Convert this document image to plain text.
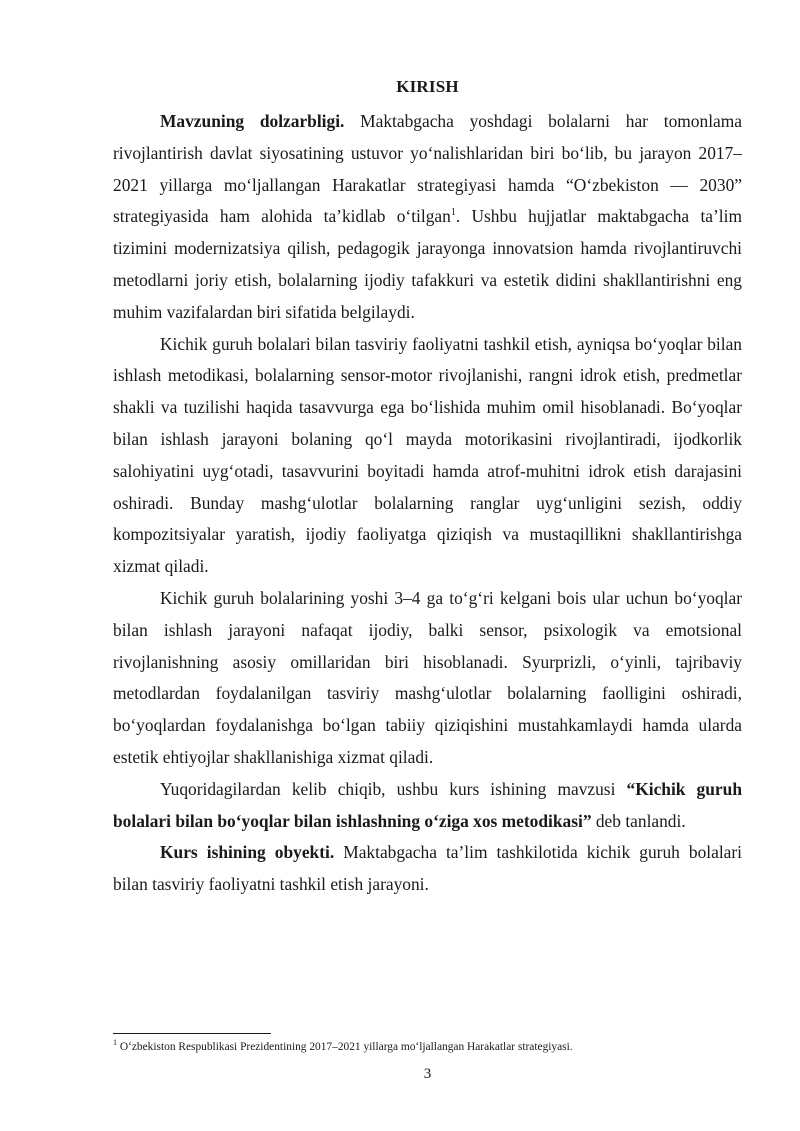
KIRISH

Mavzuning dolzarbligi. Maktabgacha yoshdagi bolalarni har tomonlama rivojlantirish davlat siyosatining ustuvor yo‘nalishlaridan biri bo‘lib, bu jarayon 2017–2021 yillarga mo‘ljallangan Harakatlar strategiyasi hamda “O‘zbekiston — 2030” strategiyasida ham alohida ta’kidlab o‘tilgan$^1$. Ushbu hujjatlar maktabgacha ta’lim tizimini modernizatsiya qilish, pedagogik jarayonga innovatsion hamda rivojlantiruvchi metodlarni joriy etish, bolalarning ijodiy tafakkuri va estetik didini shakllantirishni eng muhim vazifalardan biri sifatida belgilaydi.

Kichik guruh bolalari bilan tasviriy faoliyatni tashkil etish, ayniqsa bo‘yoqlar bilan ishlash metodikasi, bolalarning sensor-motor rivojlanishi, rangni idrok etish, predmetlar shakli va tuzilishi haqida tasavvurga ega bo‘lishida muhim omil hisoblanadi. Bo‘yoqlar bilan ishlash jarayoni bolaning qo‘l mayda motorikasini rivojlantiradi, ijodkorlik salohiyatini uyg‘otadi, tasavvurini boyitadi hamda atrof-muhitni idrok etish darajasini oshiradi. Bunday mashg‘ulotlar bolalarning ranglar uyg‘unligini sezish, oddiy kompozitsiyalar yaratish, ijodiy faoliyatga qiziqish va mustaqillikni shakllantirishga xizmat qiladi.

Kichik guruh bolalarining yoshi 3–4 ga to‘g‘ri kelgani bois ular uchun bo‘yoqlar bilan ishlash jarayoni nafaqat ijodiy, balki sensor, psixologik va emotsional rivojlanishning asosiy omillaridan biri hisoblanadi. Syurprizli, o‘yinli, tajribaviy metodlardan foydalanilgan tasviriy mashg‘ulotlar bolalarning faolligini oshiradi, bo‘yoqlardan foydalanishga bo‘lgan tabiiy qiziqishini mustahkamlaydi hamda ularda estetik ehtiyojlar shakllanishiga xizmat qiladi.

Yuqoridagilardan kelib chiqib, ushbu kurs ishining mavzusi “Kichik guruh bolalari bilan bo‘yoqlar bilan ishlashning o‘ziga xos metodikasi” deb tanlandi.

Kurs ishining obyekti. Maktabgacha ta’lim tashkilotida kichik guruh bolalari bilan tasviriy faoliyatni tashkil etish jarayoni.

$^1$ O‘zbekiston Respublikasi Prezidentining 2017–2021 yillarga mo‘ljallangan Harakatlar strategiyasi.
3
